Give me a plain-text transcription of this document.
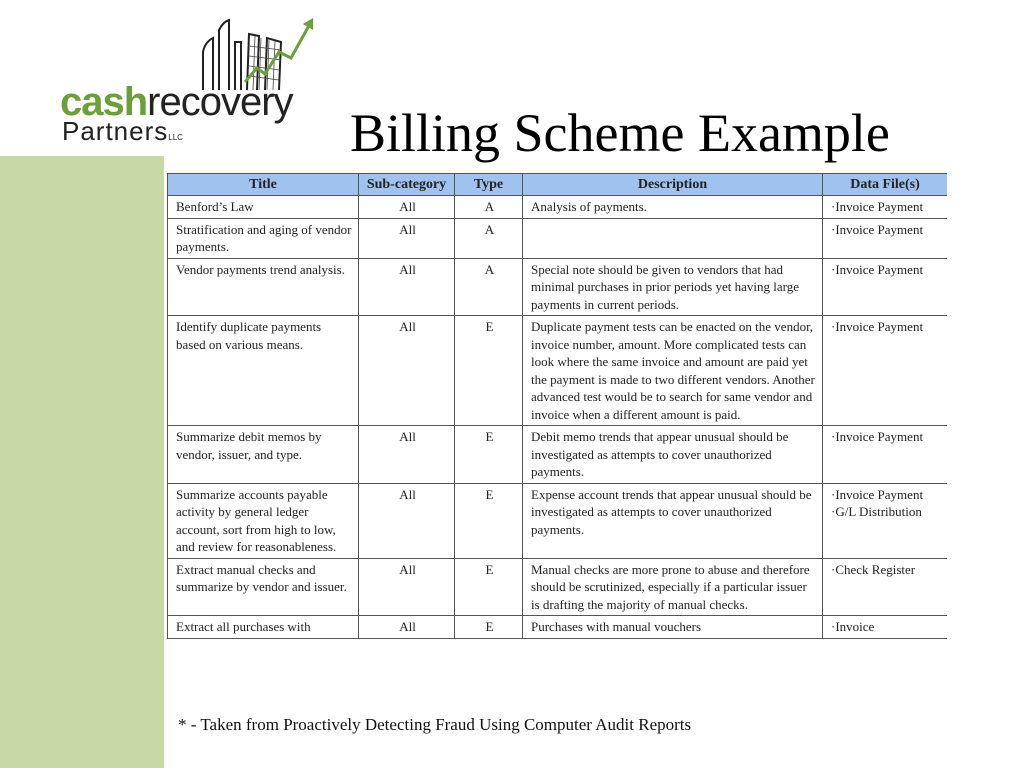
cashrecovery
PartnersLLC	Billing Scheme Example
Title	Sub-category	Type	Description	Data File(s)
Benford’s Law	All	A	Analysis of payments.	·Invoice Payment

Stratification and aging of vendor payments.	All	A		·Invoice Payment

Vendor payments trend analysis.	All	A	Special note should be given to vendors that had minimal purchases in prior periods yet having large payments in current periods.	·Invoice Payment

Identify duplicate payments based on various means.	All	E	Duplicate payment tests can be enacted on the vendor, invoice number, amount. More complicated tests can look where the same invoice and amount are paid yet the payment is made to two different vendors. Another advanced test would be to search for same vendor and invoice when a different amount is paid.	·Invoice Payment

Summarize debit memos by vendor, issuer, and type.	All	E	Debit memo trends that appear unusual should be investigated as attempts to cover unauthorized payments.	·Invoice Payment

Summarize accounts payable activity by general ledger account, sort from high to low, and review for reasonableness.	All	E	Expense account trends that appear unusual should be investigated as attempts to cover unauthorized payments.	·Invoice Payment
·G/L Distribution

Extract manual checks and summarize by vendor and issuer.	All	E	Manual checks are more prone to abuse and therefore should be scrutinized, especially if a particular issuer is drafting the majority of manual checks.	·Check Register

Extract all purchases with	All	E	Purchases with manual vouchers	·Invoice
* - Taken from Proactively Detecting Fraud Using Computer Audit Reports
